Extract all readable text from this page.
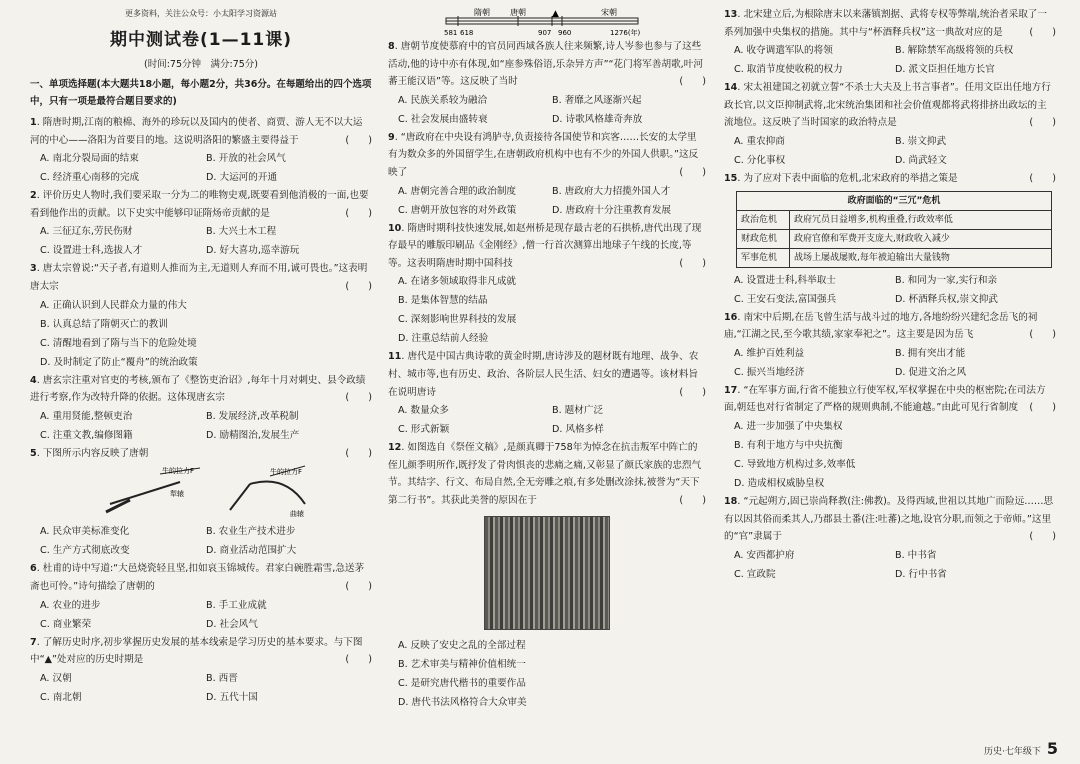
更多资料，关注公众号：小太阳学习资源站
期中测试卷(1—11课)
(时间:75分钟　满分:75分)
一、单项选择题(本大题共18小题，每小题2分，共36分。在每题给出的四个选项中，只有一项是最符合题目要求的)

1. 隋唐时期,江南的粮棉、海外的珍玩以及国内的使者、商贾、游人无不以大运河的中心——洛阳为首要目的地。这说明洛阳的繁盛主要得益于	(　　)

A. 南北分裂局面的结束	B. 开放的社会风气
C. 经济重心南移的完成	D. 大运河的开通

2. 评价历史人物时,我们要采取一分为二的唯物史观,既要看到他消极的一面,也要看到他作出的贡献。以下史实中能够印证隋炀帝贡献的是	(　　)

A. 三征辽东,劳民伤财	B. 大兴土木工程
C. 设置进士科,选拔人才	D. 好大喜功,巡幸游玩

3. 唐太宗曾说:“天子者,有道则人推而为主,无道则人弃而不用,诚可畏也。”这表明唐太宗	(　　)

A. 正确认识到人民群众力量的伟大
B. 认真总结了隋朝灭亡的教训
C. 清醒地看到了隋与当下的危险处境
D. 及时制定了防止“覆舟”的统治政策

4. 唐玄宗注重对官吏的考核,颁布了《整饬吏治诏》,每年十月对刺史、县令政绩进行考察,作为改特升降的依据。这体现唐玄宗	(　　)

A. 重用贤能,整顿吏治	B. 发展经济,改革税制
C. 注重文教,编修图籍	D. 励精图治,发展生产

5. 下图所示内容反映了唐朝	(　　)

牛的拉力F
犁辕
牛的拉力F
曲辕
A. 民众审美标准变化	B. 农业生产技术进步
C. 生产方式彻底改变	D. 商业活动范围扩大

6. 杜甫的诗中写道:“大邑烧瓷轻且坚,扣如哀玉锦城传。君家白碗胜霜雪,急送茅斋也可怜。”诗句描绘了唐朝的	(　　)

A. 农业的进步	B. 手工业成就
C. 商业繁荣	D. 社会风气

7. 了解历史时序,初步掌握历史发展的基本线索是学习历史的基本要求。与下图中“▲”处对应的历史时期是	(　　)

A. 汉朝	B. 西晋
C. 南北朝	D. 五代十国
隋朝	唐朝	宋朝
▲
581 618	907 960	1276(年)

8. 唐朝节度使慕府中的官员同西域各族人往来频繁,诗人岑参也参与了这些活动,他的诗中亦有体现,如“座参殊俗语,乐杂异方声”“花门将军善胡歌,叶河蕃王能汉语”等。这反映了当时	(　　)

A. 民族关系较为融洽	B. 奢靡之风逐渐兴起
C. 社会发展由盛转衰	D. 诗歌风格雄奇奔放

9. “唐政府在中央设有鸿胪寺,负责接待各国使节和宾客……长安的太学里有为数众多的外国留学生,在唐朝政府机构中也有不少的外国人供职。”这反映了	(　　)

A. 唐朝完善合理的政治制度	B. 唐政府大力招揽外国人才
C. 唐朝开放包容的对外政策	D. 唐政府十分注重教育发展

10. 隋唐时期科技快速发展,如赵州桥是现存最古老的石拱桥,唐代出现了现存最早的雕版印刷品《金刚经》,僧一行首次测算出地球子午线的长度,等等。这表明隋唐时期中国科技	(　　)

A. 在诸多领域取得非凡成就
B. 是集体智慧的结晶
C. 深刻影响世界科技的发展
D. 注重总结前人经验

11. 唐代是中国古典诗歌的黄金时期,唐诗涉及的题材既有地理、战争、农村、城市等,也有历史、政治、各阶层人民生活、妇女的遭遇等。该材料旨在说明唐诗	(　　)

A. 数量众多	B. 题材广泛
C. 形式新颖	D. 风格多样

12. 如图选自《祭侄文稿》,是颜真卿于758年为悼念在抗击叛军中阵亡的侄儿颜季明所作,既抒发了骨肉惧丧的悲痛之痛,又彰显了颜氏家族的忠烈气节。其结字、行文、布局自然,全无旁雕之痕,有多处删改涂抹,被誉为“天下第二行书”。其获此美誉的原因在于	(　　)

A. 反映了安史之乱的全部过程
B. 艺术审美与精神价值相统一
C. 是研究唐代楷书的重要作品
D. 唐代书法风格符合大众审美

13. 北宋建立后,为根除唐末以来藩镇割据、武将专权等弊端,统治者采取了一系列加强中央集权的措施。其中与“杯酒释兵权”这一典故对应的是	(　　)

A. 收夺调遣军队的将领	B. 解除禁军高级将领的兵权
C. 取消节度使收税的权力	D. 派文臣担任地方长官

14. 宋太祖建国之初就立誓“不杀士大夫及上书言事者”。任用文臣出任地方行政长官,以文臣抑制武将,北宋统治集团和社会价值观都将武将排挤出政坛的主流地位。这反映了当时国家的政治特点是	(　　)

A. 重农抑商	B. 崇文抑武
C. 分化事权	D. 尚武轻文

15. 为了应对下表中面临的危机,北宋政府的举措之策是	(　　)

政府面临的“三冗”危机	
政治危机	政府冗员日益增多,机构重叠,行政效率低
财政危机	政府官僚和军费开支庞大,财政收入减少
军事危机	战场上屡战屡败,每年被迫输出大量钱物
A. 设置进士科,科举取士	B. 和同为一家,实行和亲
C. 王安石变法,富国强兵	D. 杯酒释兵权,崇文抑武

16. 南宋中后期,在岳飞曾生活与战斗过的地方,各地纷纷兴建纪念岳飞的祠庙,“江湖之民,至今歌其绩,家家奉祀之”。这主要是因为岳飞	(　　)

A. 维护百姓利益	B. 拥有突出才能
C. 振兴当地经济	D. 促进文治之风

17. “在军事方面,行省不能独立行使军权,军权掌握在中央的枢密院;在司法方面,朝廷也对行省制定了严格的规则典制,不能逾越。”由此可见行省制度 (　　)

A. 进一步加强了中央集权
B. 有利于地方与中央抗衡
C. 导致地方机构过多,效率低
D. 造成相权威胁皇权

18. “元起朔方,固已崇尚释教(注:佛教)。及得西域,世祖以其地广而险远……思有以因其俗而柔其人,乃郡县土番(注:吐蕃)之地,设官分职,而领之于帝师。”这里的“官”隶属于	(　　)

A. 安西都护府	B. 中书省
C. 宣政院	D. 行中书省
历史·七年级下 5
